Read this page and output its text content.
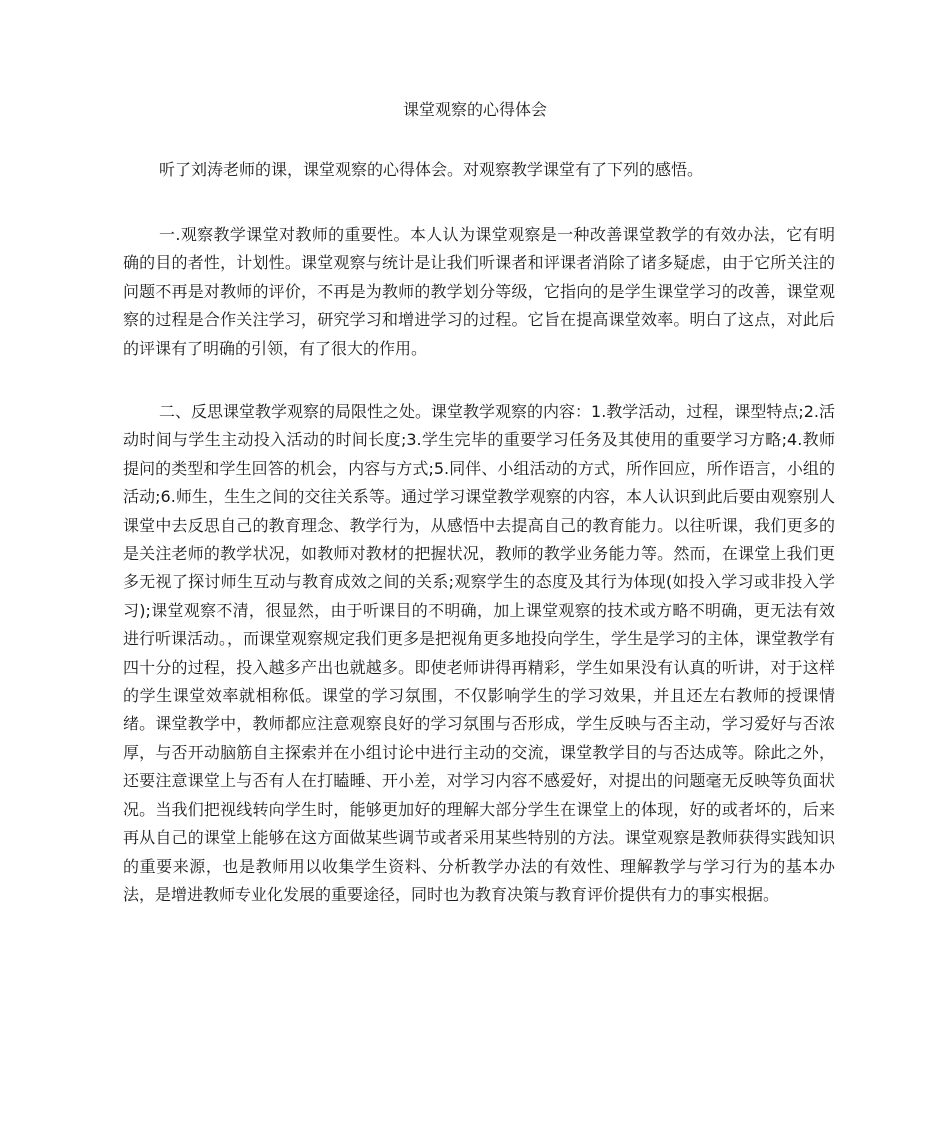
课堂观察的心得体会

听了刘涛老师的课，课堂观察的心得体会。对观察教学课堂有了下列的感悟。

一.观察教学课堂对教师的重要性。本人认为课堂观察是一种改善课堂教学的有效办法，它有明确的目的者性，计划性。课堂观察与统计是让我们听课者和评课者消除了诸多疑虑，由于它所关注的问题不再是对教师的评价，不再是为教师的教学划分等级，它指向的是学生课堂学习的改善，课堂观察的过程是合作关注学习，研究学习和增进学习的过程。它旨在提高课堂效率。明白了这点，对此后的评课有了明确的引领，有了很大的作用。

二、反思课堂教学观察的局限性之处。课堂教学观察的内容：1.教学活动，过程，课型特点;2.活动时间与学生主动投入活动的时间长度;3.学生完毕的重要学习任务及其使用的重要学习方略;4.教师提问的类型和学生回答的机会，内容与方式;5.同伴、小组活动的方式，所作回应，所作语言，小组的活动;6.师生，生生之间的交往关系等。通过学习课堂教学观察的内容，本人认识到此后要由观察别人课堂中去反思自己的教育理念、教学行为，从感悟中去提高自己的教育能力。以往听课，我们更多的是关注老师的教学状况，如教师对教材的把握状况，教师的教学业务能力等。然而，在课堂上我们更多无视了探讨师生互动与教育成效之间的关系;观察学生的态度及其行为体现(如投入学习或非投入学习);课堂观察不清，很显然，由于听课目的不明确，加上课堂观察的技术或方略不明确，更无法有效进行听课活动。，而课堂观察规定我们更多是把视角更多地投向学生，学生是学习的主体，课堂教学有四十分的过程，投入越多产出也就越多。即使老师讲得再精彩，学生如果没有认真的听讲，对于这样的学生课堂效率就相称低。课堂的学习氛围，不仅影响学生的学习效果，并且还左右教师的授课情绪。课堂教学中，教师都应注意观察良好的学习氛围与否形成，学生反映与否主动，学习爱好与否浓厚，与否开动脑筋自主探索并在小组讨论中进行主动的交流，课堂教学目的与否达成等。除此之外，还要注意课堂上与否有人在打瞌睡、开小差，对学习内容不感爱好，对提出的问题毫无反映等负面状况。当我们把视线转向学生时，能够更加好的理解大部分学生在课堂上的体现，好的或者坏的，后来再从自己的课堂上能够在这方面做某些调节或者采用某些特别的方法。课堂观察是教师获得实践知识的重要来源，也是教师用以收集学生资料、分析教学办法的有效性、理解教学与学习行为的基本办法，是增进教师专业化发展的重要途径，同时也为教育决策与教育评价提供有力的事实根据。
